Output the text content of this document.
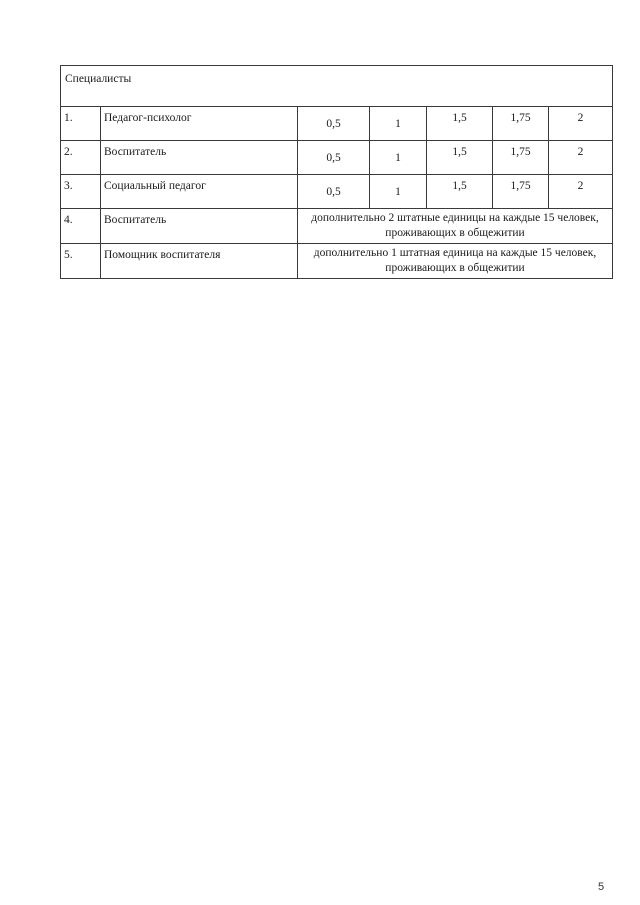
Специалисты						
1.	Педагог-психолог	0,5	1	1,5	1,75	2
2.	Воспитатель	0,5	1	1,5	1,75	2
3.	Социальный педагог	0,5	1	1,5	1,75	2
4.	Воспитатель	дополнительно 2 штатные единицы на каждые 15 человек, проживающих в общежитии				
5.	Помощник воспитателя	дополнительно 1 штатная единица на каждые 15 человек, проживающих в общежитии				
5
